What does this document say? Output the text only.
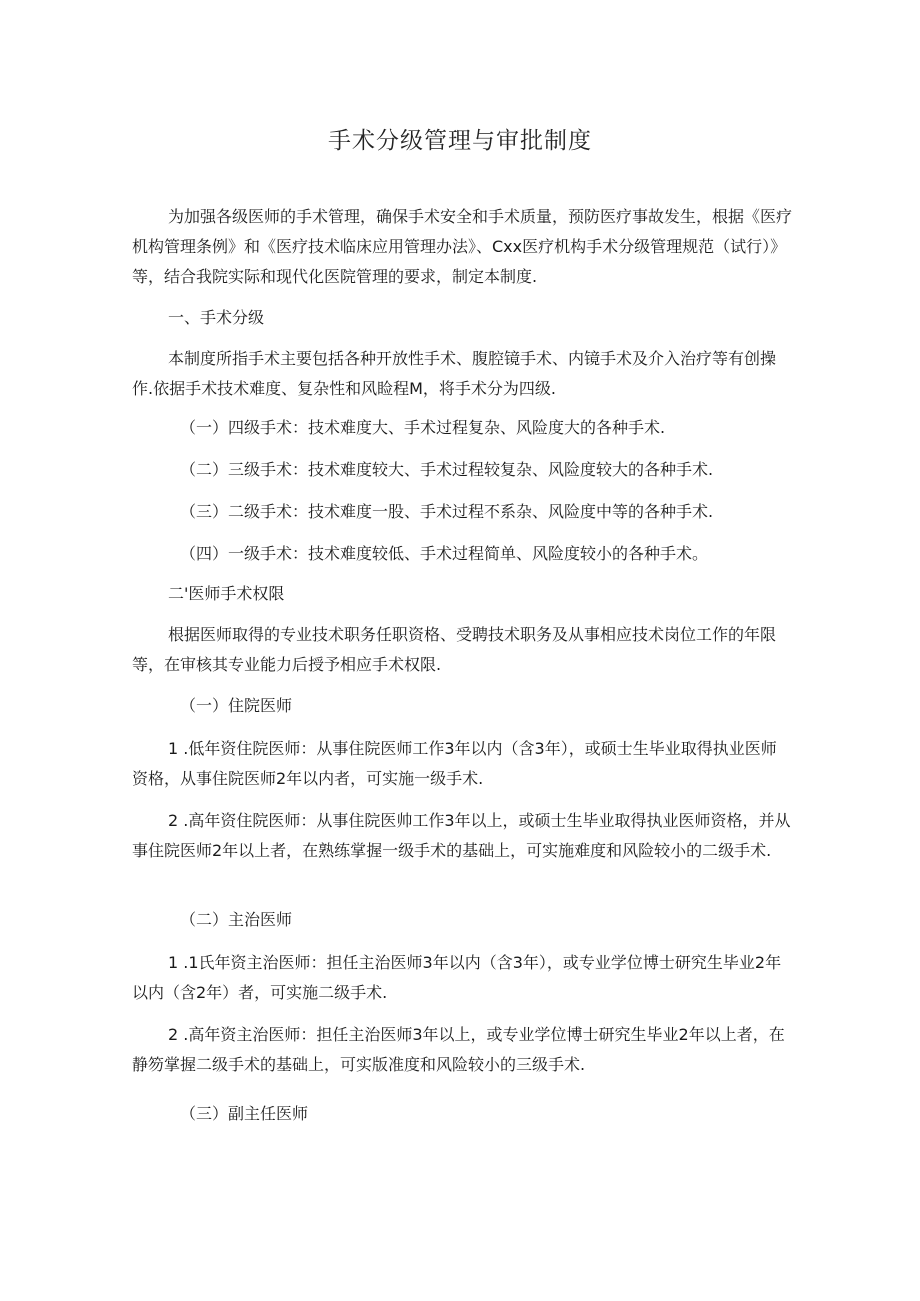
手术分级管理与审批制度

为加强各级医师的手术管理，确保手术安全和手术质量，预防医疗事故发生，根据《医疗机构管理条例》和《医疗技术临床应用管理办法》、Cxx医疗机构手术分级管理规范（试行）》等，结合我院实际和现代化医院管理的要求，制定本制度.

一、手术分级

本制度所指手术主要包括各种开放性手术、腹腔镜手术、内镜手术及介入治疗等有创操作.依据手术技术难度、复杂性和风睑程M，将手术分为四级.

（一）四级手术：技术难度大、手术过程复杂、风险度大的各种手术.

（二）三级手术：技术难度较大、手术过程较复杂、风险度较大的各种手术.

（三）二级手术：技术难度一股、手术过程不系杂、风险度中等的各种手术.

（四）一级手术：技术难度较低、手术过程简单、风险度较小的各种手术。

二'医师手术权限

根据医师取得的专业技术职务任职资格、受聘技术职务及从事相应技术岗位工作的年限等，在审核其专业能力后授予相应手术权限.

（一）住院医师

1 .低年资住院医师：从事住院医师工作3年以内（含3年），或硕士生毕业取得执业医师资格，从事住院医师2年以内者，可实施一级手术.

2 .高年资住院医师：从事住院医帅工作3年以上，或硕士生毕业取得执业医师资格，并从事住院医师2年以上者，在熟练掌握一级手术的基础上，可实施难度和风险较小的二级手术.

（二）主治医师

1 .1氏年资主治医师：担任主治医师3年以内（含3年），或专业学位博士研究生毕业2年以内（含2年）者，可实施二级手术.

2 .高年资主治医师：担任主治医师3年以上，或专业学位博士研究生毕业2年以上者，在静笏掌握二级手术的基础上，可实版准度和风险较小的三级手术.

（三）副主任医师
